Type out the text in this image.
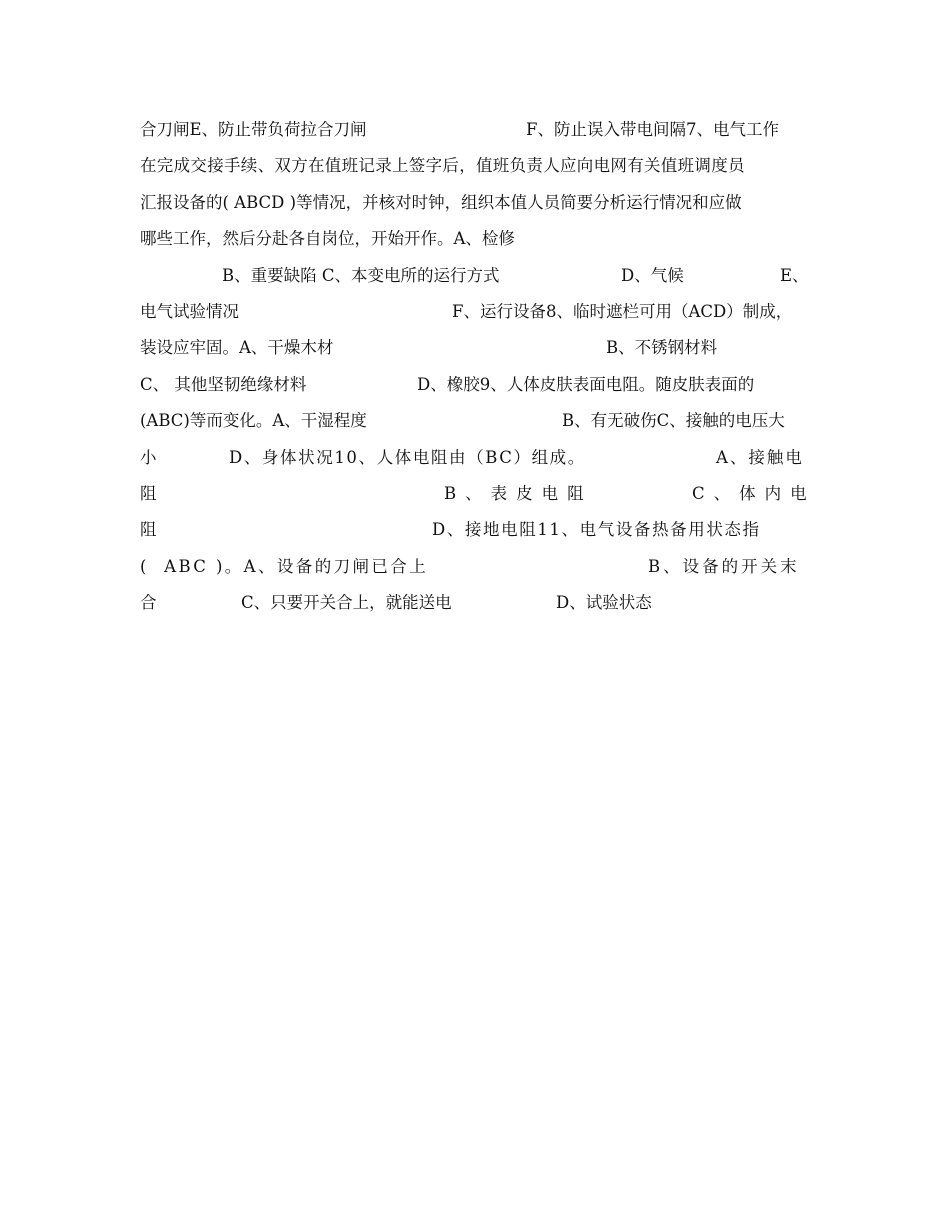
合刀闸E、防止带负荷拉合刀闸

	F、防止误入带电间隔7、电气工作

在完成交接手续、双方在值班记录上签字后，值班负责人应向电网有关值班调度员

汇报设备的( ABCD )等情况，并核对时钟，组织本值人员简要分析运行情况和应做

哪些工作，然后分赴各自岗位，开始开作。A、检修

B、重要缺陷 C、本变电所的运行方式

	D、气候

	E、

电气试验情况

	F、运行设备8、临时遮栏可用（ACD）制成，

装设应牢固。A、干燥木材

	B、不锈钢材料

C、 其他坚韧绝缘材料

	D、橡胶9、人体皮肤表面电阻。随皮肤表面的

(ABC)等而变化。A、干湿程度

	B、有无破伤C、接触的电压大

小

	D、身体状况10、人体电阻由（BC）组成。

	A、接触电

阻

	B、表皮电阻

	C、体内电

阻

	D、接地电阻11、电气设备热备用状态指

(  ABC )。A、设备的刀闸已合上

	B、设备的开关末

合

	C、只要开关合上，就能送电

	D、试验状态
